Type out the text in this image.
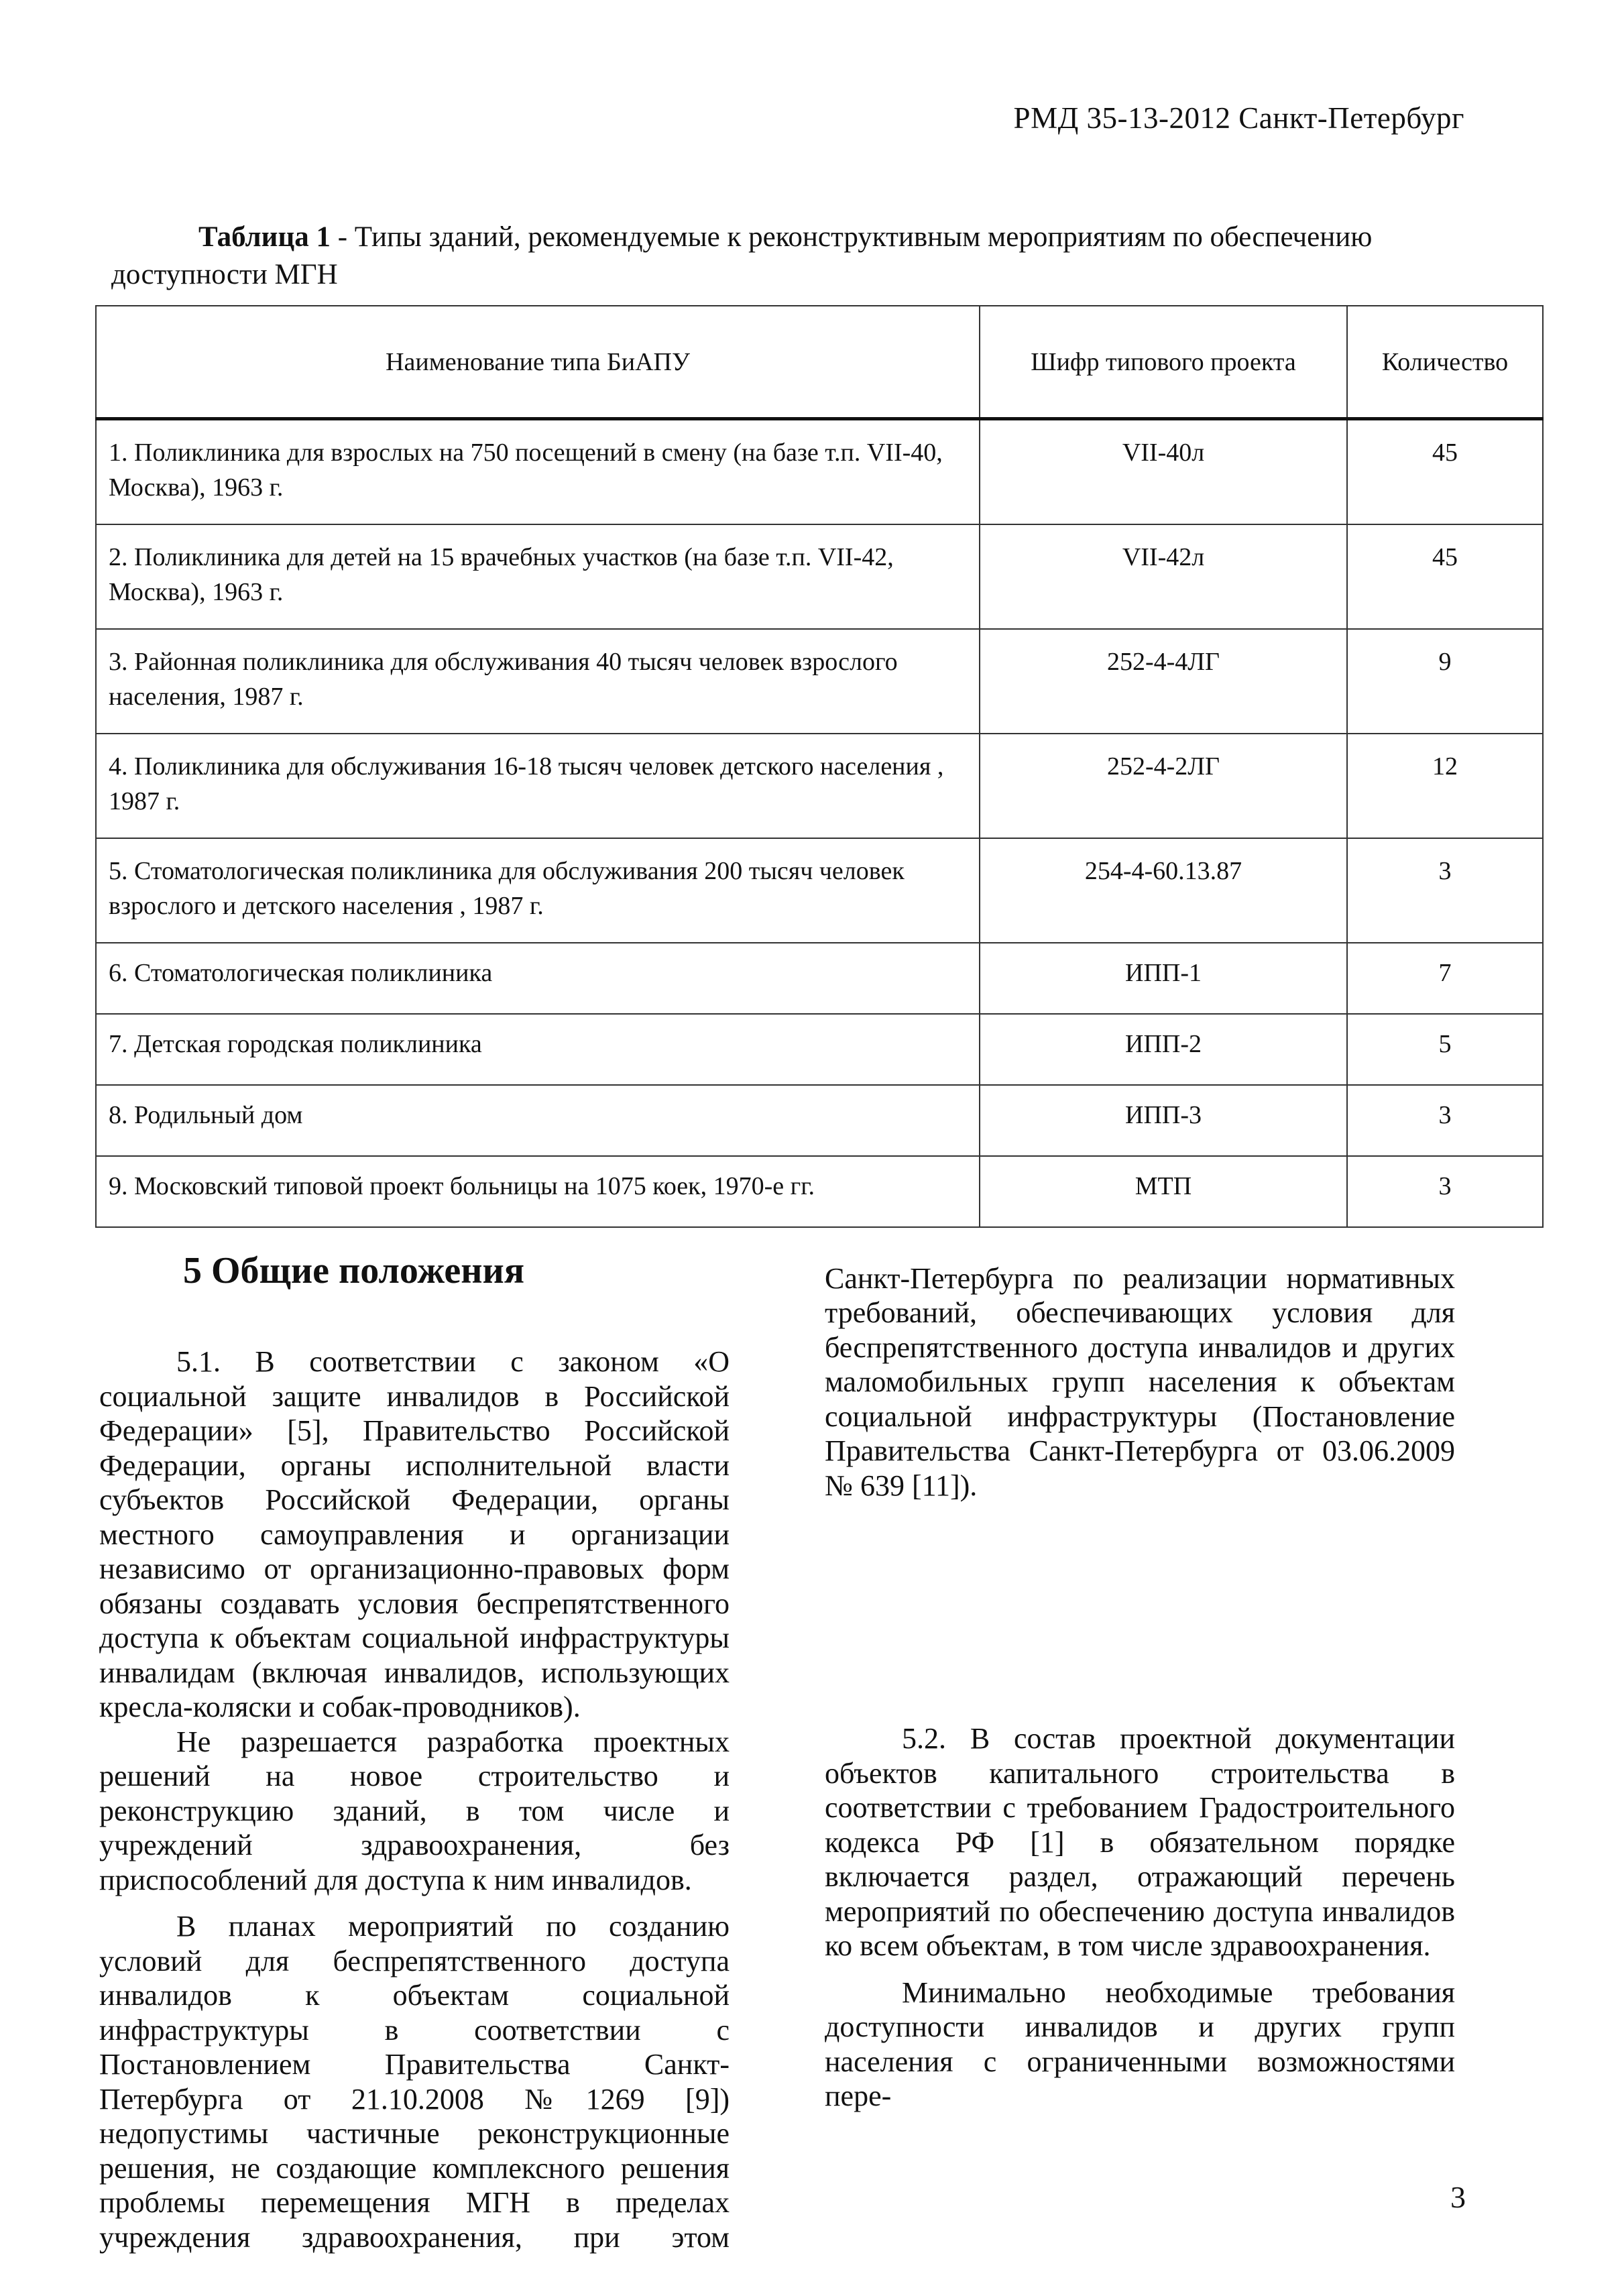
РМД 35-13-2012 Санкт-Петербург
Таблица 1 - Типы зданий, рекомендуемые к реконструктивным мероприятиям по обеспечению доступности МГН
Наименование типа БиАПУ	Шифр типового проекта	Количество
1. Поликлиника для взрослых на 750 посещений в смену (на базе т.п. VII-40, Москва), 1963 г.	VII-40л	45
2. Поликлиника для детей на 15 врачебных участков (на базе т.п. VII-42, Москва), 1963 г.	VII-42л	45
3. Районная поликлиника для обслуживания 40 тысяч человек взрослого населения, 1987 г.	252-4-4ЛГ	9
4. Поликлиника для обслуживания 16-18 тысяч человек детского населения , 1987 г.	252-4-2ЛГ	12
5. Стоматологическая поликлиника для обслуживания 200 тысяч человек взрослого и детского населения , 1987 г.	254-4-60.13.87	3
6. Стоматологическая поликлиника	ИПП-1	7
7. Детская городская поликлиника	ИПП-2	5
8. Родильный дом	ИПП-3	3
9. Московский типовой проект больницы на 1075 коек, 1970-е гг.	МТП	3
5 Общие положения

5.1. В соответствии с законом «О социальной защите инвалидов в Российской Федерации» [5], Правительство Российской Федерации, органы исполнительной власти субъектов Российской Федерации, органы местного самоуправления и организации независимо от организационно-правовых форм обязаны создавать условия беспрепятственного доступа к объектам социальной инфраструктуры инвалидам (включая инвалидов, использующих кресла-коляски и собак-проводников).

Не разрешается разработка проектных решений на новое строительство и реконструкцию зданий, в том числе и учреждений здравоохранения, без приспособлений для доступа к ним инвалидов.

В планах мероприятий по созданию условий для беспрепятственного доступа инвалидов к объектам социальной инфраструктуры в соответствии с Постановлением Правительства Санкт-Петербурга от 21.10.2008 №1269 [9]) недопустимы частичные реконструкционные решения, не создающие комплексного решения проблемы перемещения МГН в пределах учреждения здравоохранения, при этом

Санкт-Петербурга по реализации нормативных требований, обеспечивающих условия для беспрепятственного доступа инвалидов и других маломобильных групп населения к объектам социальной инфраструктуры (Постановление Правительства Санкт-Петербурга от 03.06.2009 № 639 [11]).

5.2. В состав проектной документации объектов капитального строительства в соответствии с требованием Градостроительного кодекса РФ [1] в обязательном порядке включается раздел, отражающий перечень мероприятий по обеспечению доступа инвалидов ко всем объектам, в том числе здравоохранения.

Минимально необходимые требования доступности инвалидов и других групп населения с ограниченными возможностями пере-

3
